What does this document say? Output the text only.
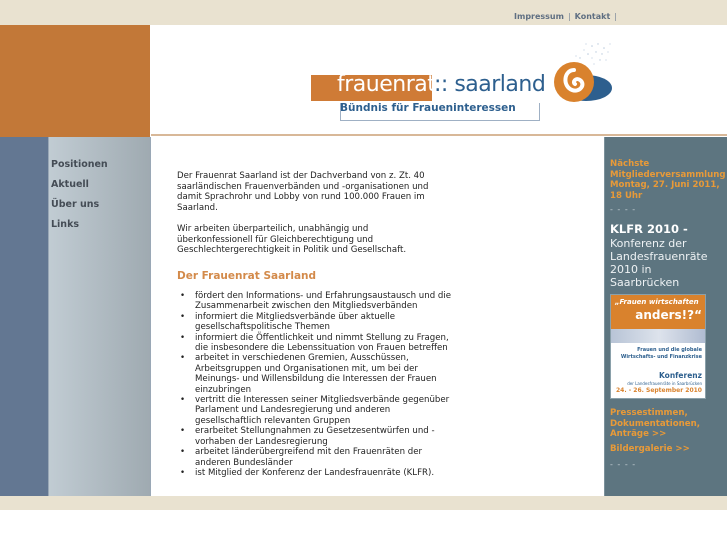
Impressum | Kontakt |
frauenrat
:: saarland
Bündnis für Fraueninteressen
Positionen
Aktuell
Über uns
Links

Der Frauenrat Saarland ist der Dachverband von z. Zt. 40 saarländischen Frauenverbänden und -organisationen und damit Sprachrohr und Lobby von rund 100.000 Frauen im Saarland.

Wir arbeiten überparteilich, unabhängig und überkonfessionell für Gleichberechtigung und Geschlechtergerechtigkeit in Politik und Gesellschaft.

Der Frauenrat Saarland
• fördert den Informations- und Erfahrungsaustausch und die Zusammenarbeit zwischen den Mitgliedsverbänden
• informiert die Mitgliedsverbände über aktuelle gesellschaftspolitische Themen
• informiert die Öffentlichkeit und nimmt Stellung zu Fragen, die insbesondere die Lebenssituation von Frauen betreffen
• arbeitet in verschiedenen Gremien, Ausschüssen, Arbeitsgruppen und Organisationen mit, um bei der Meinungs- und Willensbildung die Interessen der Frauen einzubringen
• vertritt die Interessen seiner Mitgliedsverbände gegenüber Parlament und Landesregierung und anderen gesellschaftlich relevanten Gruppen
• erarbeitet Stellungnahmen zu Gesetzesentwürfen und -vorhaben der Landesregierung
• arbeitet länderübergreifend mit den Frauenräten der anderen Bundesländer
• ist Mitglied der Konferenz der Landesfrauenräte (KLFR).
Nächste Mitgliederversammlung Montag, 27. Juni 2011, 18 Uhr
- - - -
KLFR 2010 -
Konferenz der Landesfrauenräte 2010 in Saarbrücken
„Frauen wirtschaften
anders!?“
Frauen und die globale Wirtschafts- und Finanzkrise
Konferenz
der Landesfrauenräte in Saarbrücken
24. - 26. September 2010
Pressestimmen, Dokumentationen, Anträge >>
Bildergalerie >>
- - - -
